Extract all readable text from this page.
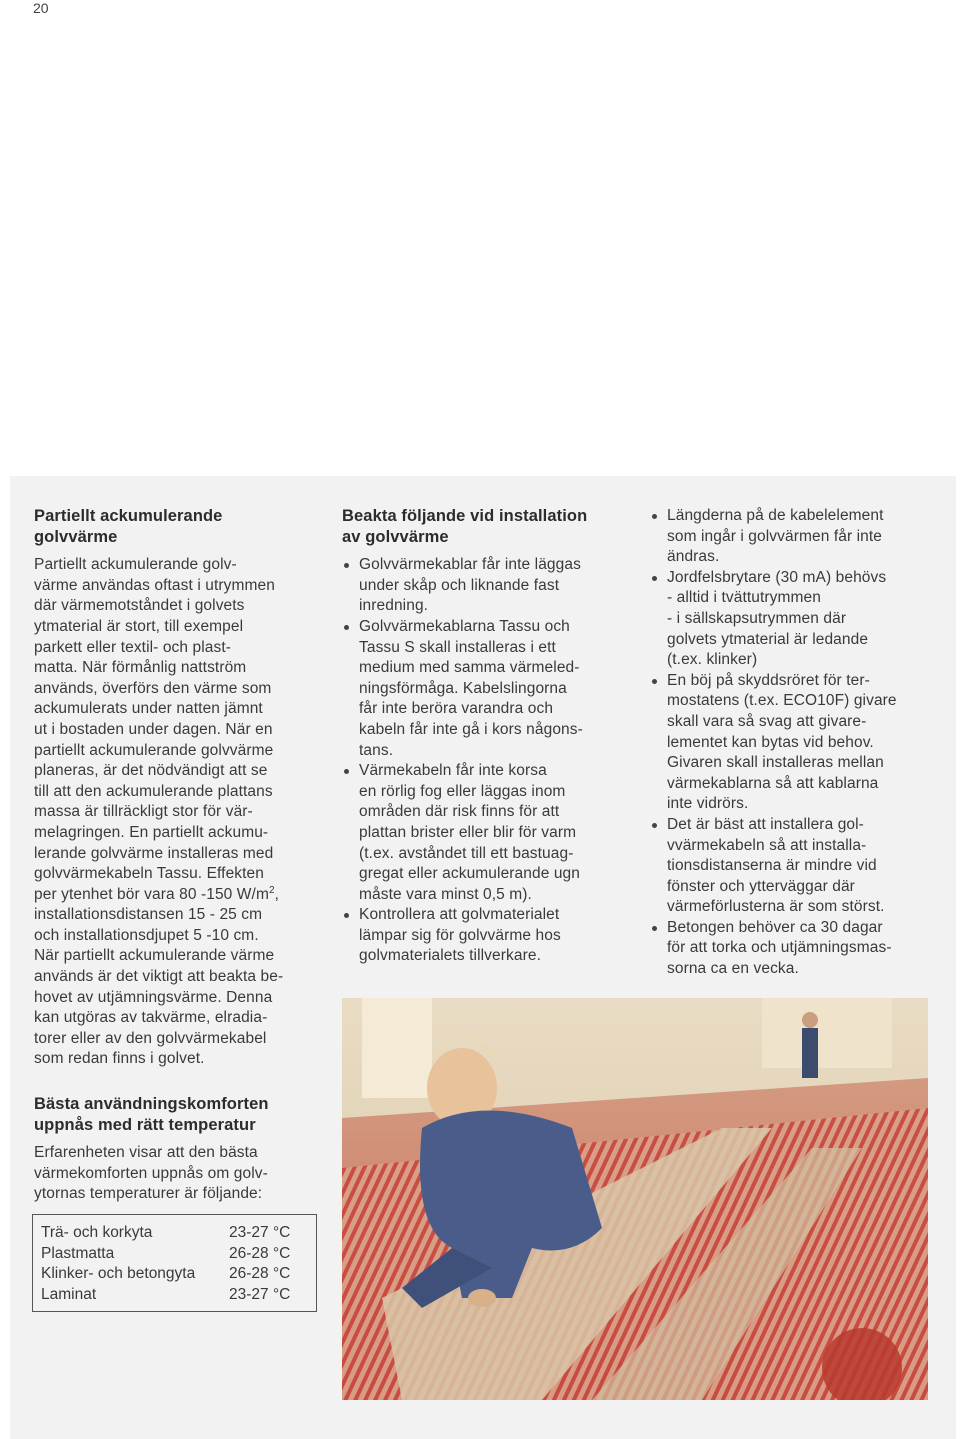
20
Partiellt ackumulerande
golvvärme

Partiellt ackumulerande golv-
värme användas oftast i utrymmen
där värmemotståndet i golvets
ytmaterial är stort, till exempel
parkett eller textil- och plast-
matta. När förmånlig nattström
används, överförs den värme som
ackumulerats under natten jämnt
ut i bostaden under dagen. När en
partiellt ackumulerande golvvärme
planeras, är det nödvändigt att se
till att den ackumulerande plattans
massa är tillräckligt stor för vär-
melagringen. En partiellt ackumu-
lerande golvvärme installeras med
golvvärmekabeln Tassu. Effekten
per ytenhet bör vara 80 -150 $W/m^2$,
installationsdistansen 15 - 25 cm
och installationsdjupet 5 -10 cm.
När partiellt ackumulerande värme
används är det viktigt att beakta be-
hovet av utjämningsvärme. Denna
kan utgöras av takvärme, elradia-
torer eller av den golvvärmekabel
som redan finns i golvet.

Bästa användningskomforten
uppnås med rätt temperatur

Erfarenheten visar att den bästa
värmekomforten uppnås om golv-
ytornas temperaturer är följande:

Trä- och korkyta	23-27 °C
Plastmatta	26-28 °C
Klinker- och betongyta	26-28 °C
Laminat	23-27 °C
Beakta följande vid installation
av golvvärme
Golvvärmekablar får inte läggas
under skåp och liknande fast
inredning.
Golvvärmekablarna Tassu och
Tassu S skall installeras i ett
medium med samma värmeled-
ningsförmåga. Kabelslingorna
får inte beröra varandra och
kabeln får inte gå i kors någons-
tans.
Värmekabeln får inte korsa
en rörlig fog eller läggas inom
områden där risk finns för att
plattan brister eller blir för varm
(t.ex. avståndet till ett bastuag-
gregat eller ackumulerande ugn
måste vara minst 0,5 m).
Kontrollera att golvmaterialet
lämpar sig för golvvärme hos
golvmaterialets tillverkare.
Längderna på de kabelelement
som ingår i golvvärmen får inte
ändras.
Jordfelsbrytare (30 mA) behövs
- alltid i tvättutrymmen
- i sällskapsutrymmen där
golvets ytmaterial är ledande
(t.ex. klinker)
En böj på skyddsröret för ter-
mostatens (t.ex. ECO10F) givare
skall vara så svag att givare-
lementet kan bytas vid behov.
Givaren skall installeras mellan
värmekablarna så att kablarna
inte vidrörs.
Det är bäst att installera gol-
vvärmekabeln så att installa-
tionsdistanserna är mindre vid
fönster och ytterväggar där
värmeförlusterna är som störst.
Betongen behöver ca 30 dagar
för att torka och utjämningsmas-
sorna ca en vecka.
